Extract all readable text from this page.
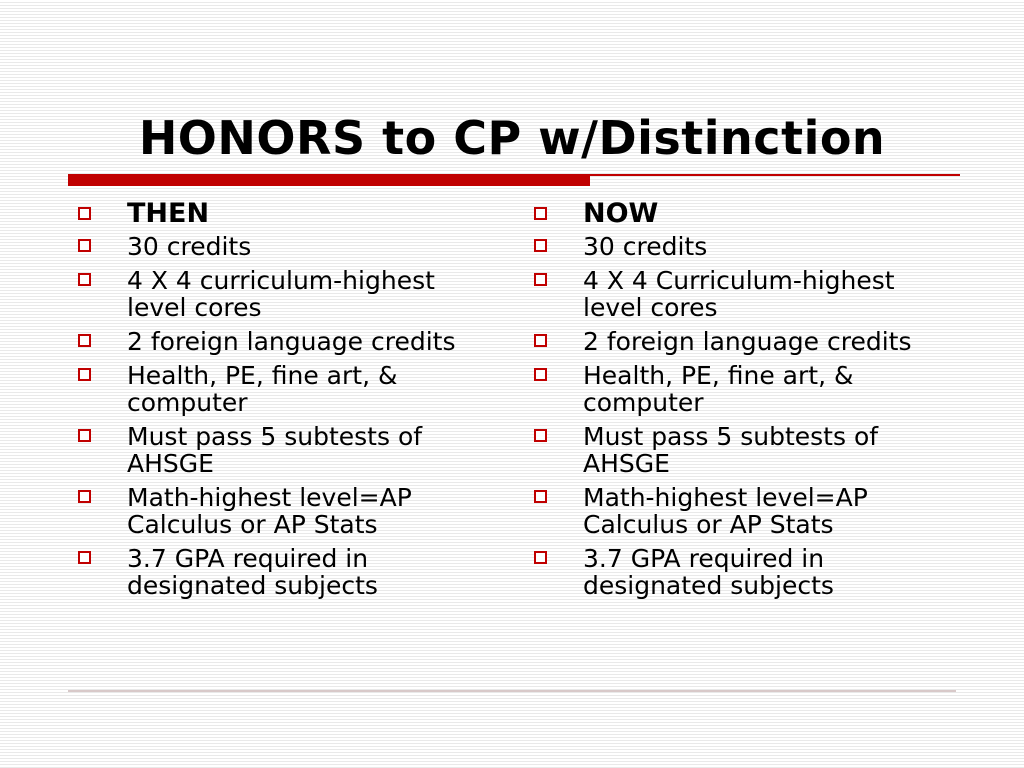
HONORS to CP w/Distinction
THEN
30 credits
4 X 4 curriculum-highest level cores
2 foreign language credits
Health, PE, fine art, & computer
Must pass 5 subtests of AHSGE
Math-highest level=AP Calculus or AP Stats
3.7 GPA required in designated subjects
NOW
30 credits
4 X 4 Curriculum-highest level cores
2 foreign language credits
Health, PE, fine art, & computer
Must pass 5 subtests of AHSGE
Math-highest level=AP Calculus or AP Stats
3.7 GPA required in designated subjects
